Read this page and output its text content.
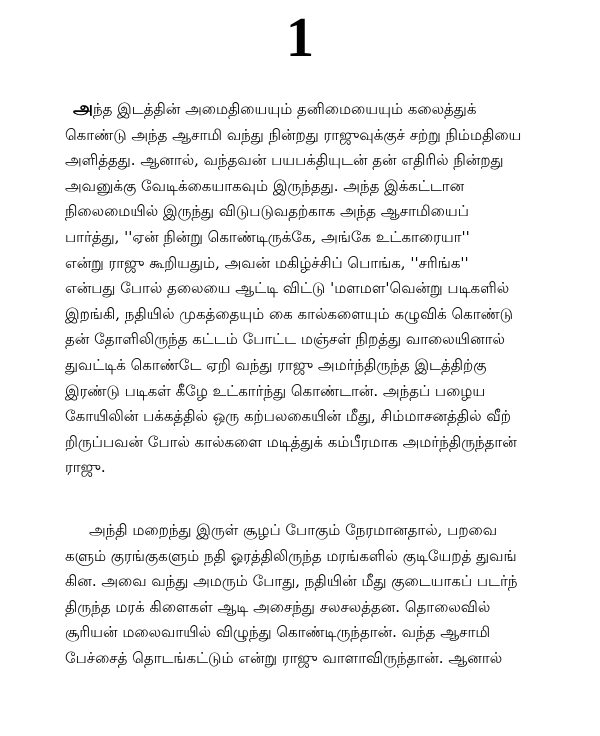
1
அந்த இடத்தின் அமைதியையும் தனிமையையும் கலைத்துக்
கொண்டு அந்த ஆசாமி வந்து நின்றது ராஜுவுக்குச் சற்று நிம்மதியை
அளித்தது. ஆனால், வந்தவன் பயபக்தியுடன் தன் எதிரில் நின்றது
அவனுக்கு வேடிக்கையாகவும் இருந்தது. அந்த இக்கட்டான
நிலைமையில் இருந்து விடுபடுவதற்காக அந்த ஆசாமியைப்
பார்த்து, ''ஏன் நின்று கொண்டிருக்கே, அங்கே உட்காரையா''
என்று ராஜு கூறியதும், அவன் மகிழ்ச்சிப் பொங்க, ''சரிங்க''
என்பது போல் தலையை ஆட்டி விட்டு 'மளமள'வென்று படிகளில்
இறங்கி, நதியில் முகத்தையும் கை கால்களையும் கழுவிக் கொண்டு
தன் தோளிலிருந்த கட்டம் போட்ட மஞ்சள் நிறத்து வாலையினால்
துவட்டிக் கொண்டே ஏறி வந்து ராஜு அமர்ந்திருந்த இடத்திற்கு
இரண்டு படிகள் கீழே உட்கார்ந்து கொண்டான். அந்தப் பழைய
கோயிலின் பக்கத்தில் ஒரு கற்பலகையின் மீது, சிம்மாசனத்தில் வீற்
றிருப்பவன் போல் கால்களை மடித்துக் கம்பீரமாக அமர்ந்திருந்தான்
ராஜு.
அந்தி மறைந்து இருள் சூழப் போகும் நேரமானதால், பறவை
களும் குரங்குகளும் நதி ஓரத்திலிருந்த மரங்களில் குடியேறத் துவங்
கின. அவை வந்து அமரும் போது, நதியின் மீது குடையாகப் படர்ந்
திருந்த மரக் கிளைகள் ஆடி அசைந்து சலசலத்தன. தொலைவில்
சூரியன் மலைவாயில் விழுந்து கொண்டிருந்தான். வந்த ஆசாமி
பேச்சைத் தொடங்கட்டும் என்று ராஜு வாளாவிருந்தான். ஆனால்
